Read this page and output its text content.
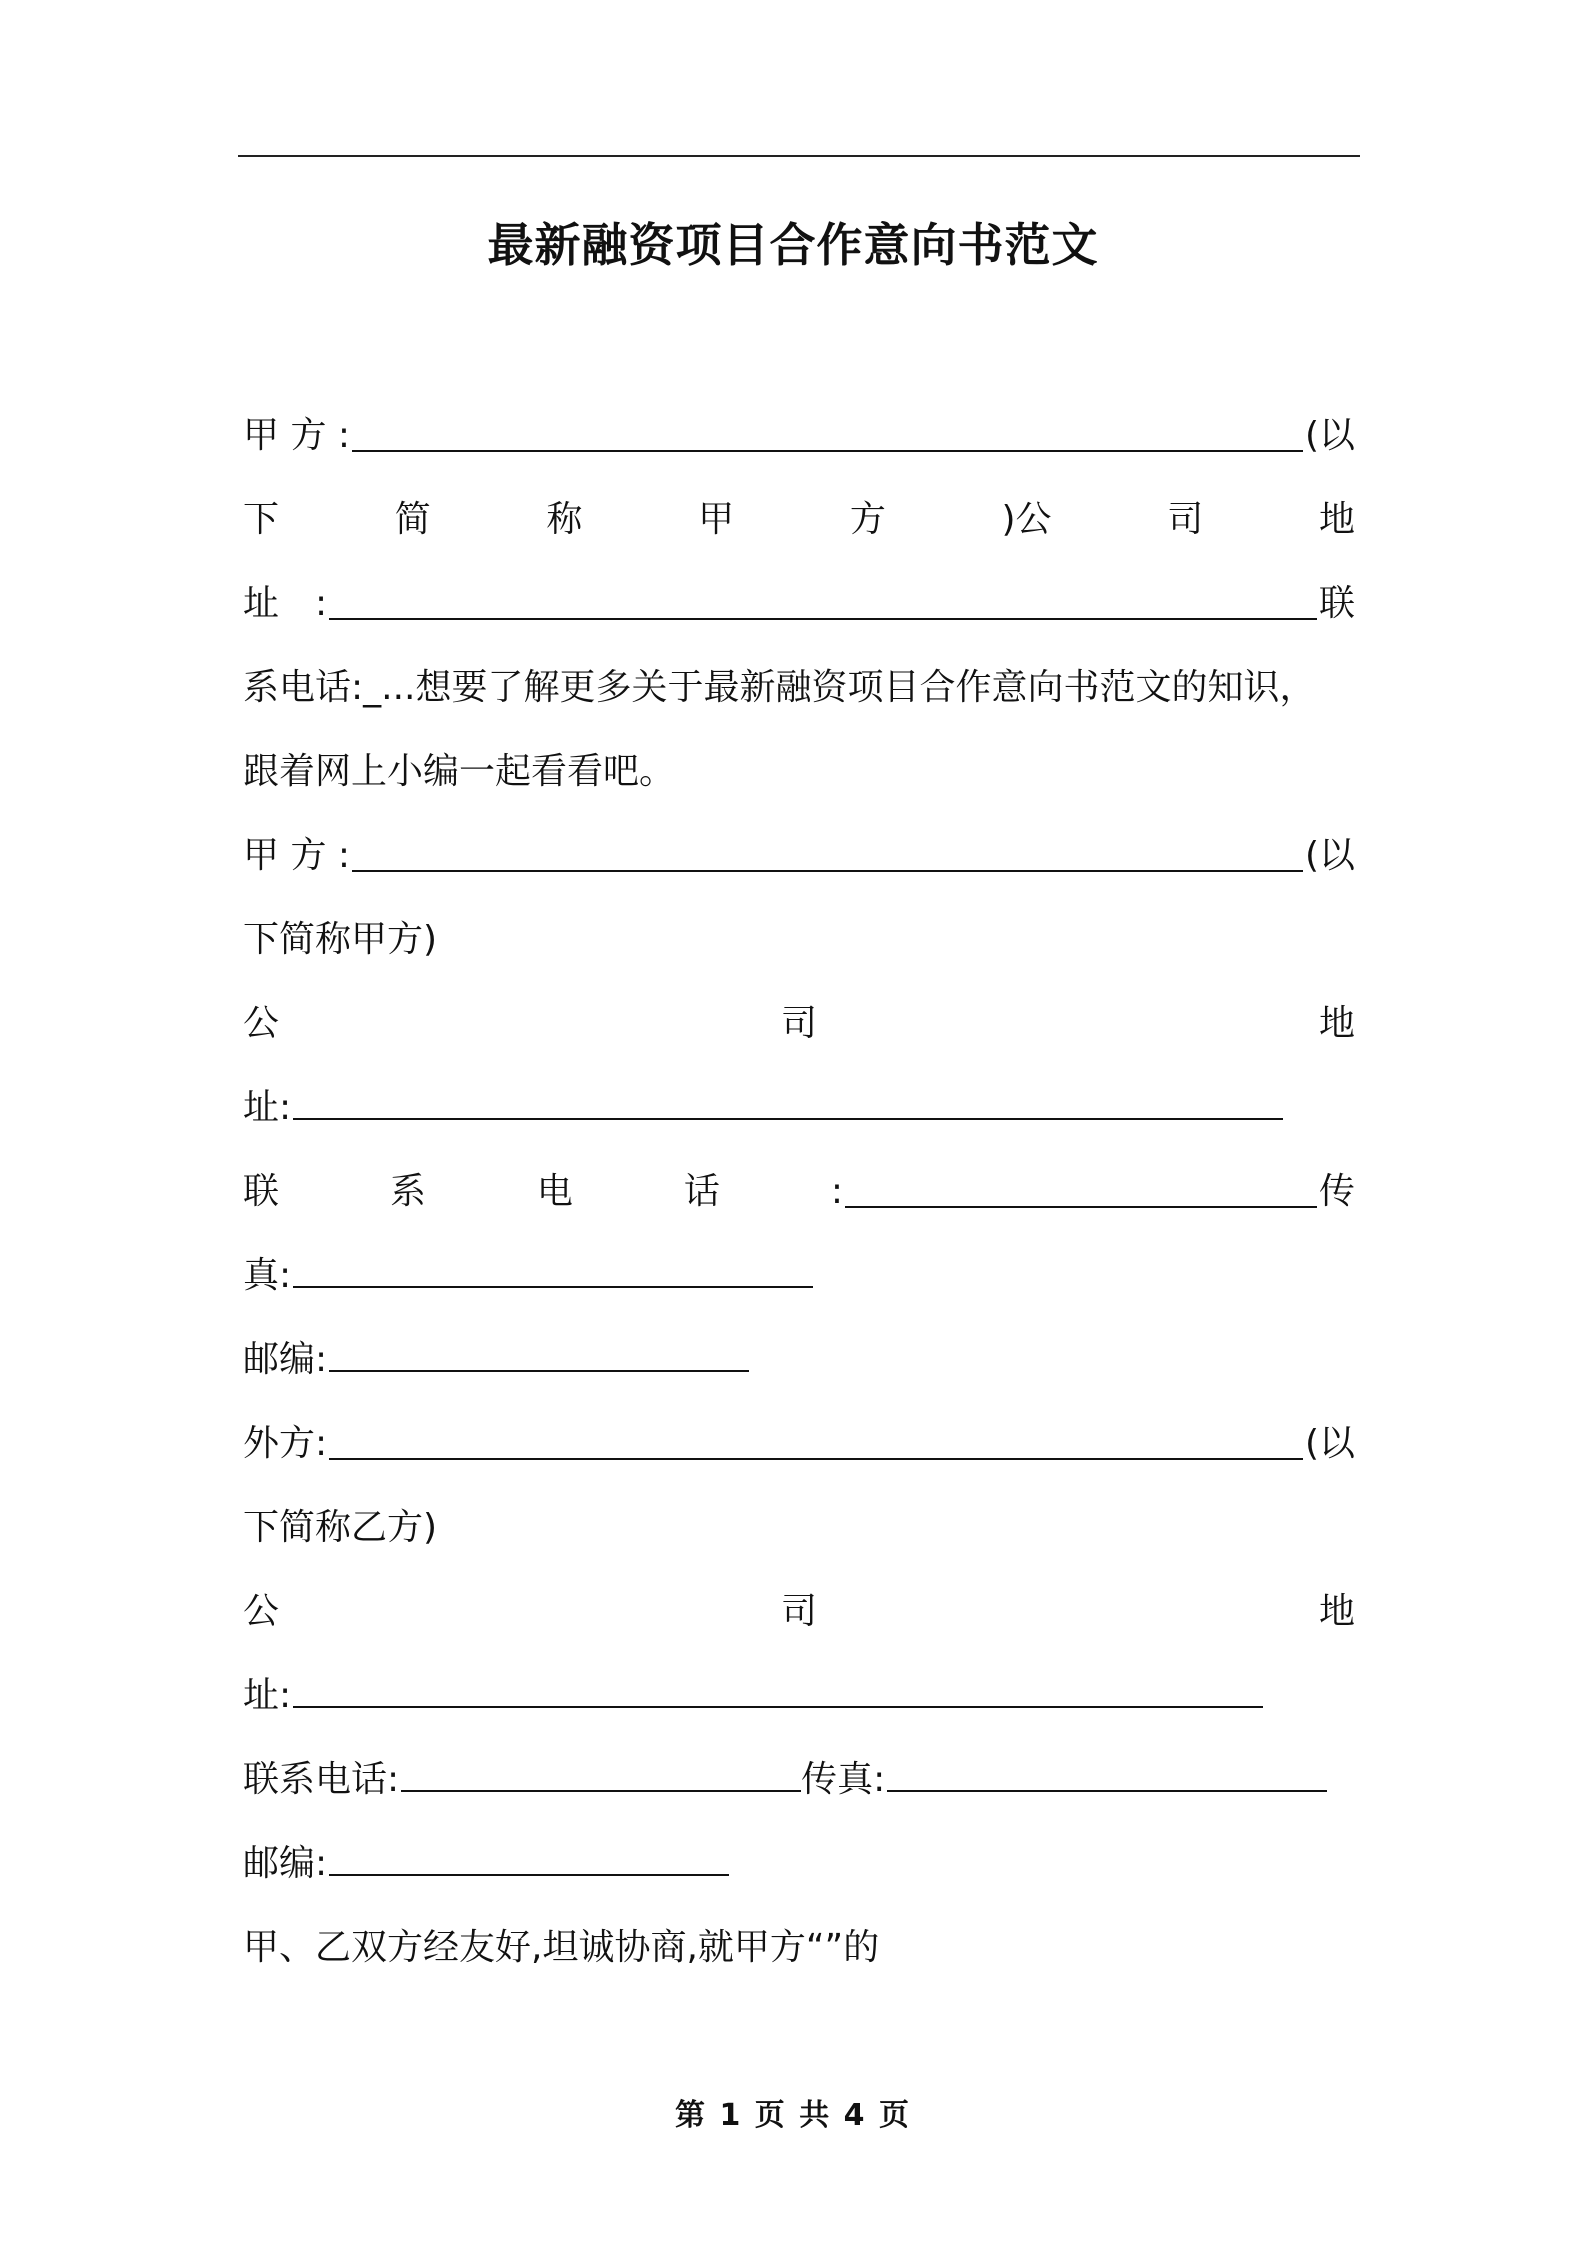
最新融资项目合作意向书范文
甲 方 :	(以
下	简	称	甲	方	)公	司	地
址　:	联
系电话:_...想要了解更多关于最新融资项目合作意向书范文的知识，
跟着网上小编一起看看吧。
甲 方 :	(以
下简称甲方)
公	司	地
址:
联	系	电	话	:	传
真:
邮编:
外方:	(以
下简称乙方)
公	司	地
址:
联系电话:	传真:
邮编:
甲、乙双方经友好,坦诚协商,就甲方“”的
第 1 页 共 4 页
